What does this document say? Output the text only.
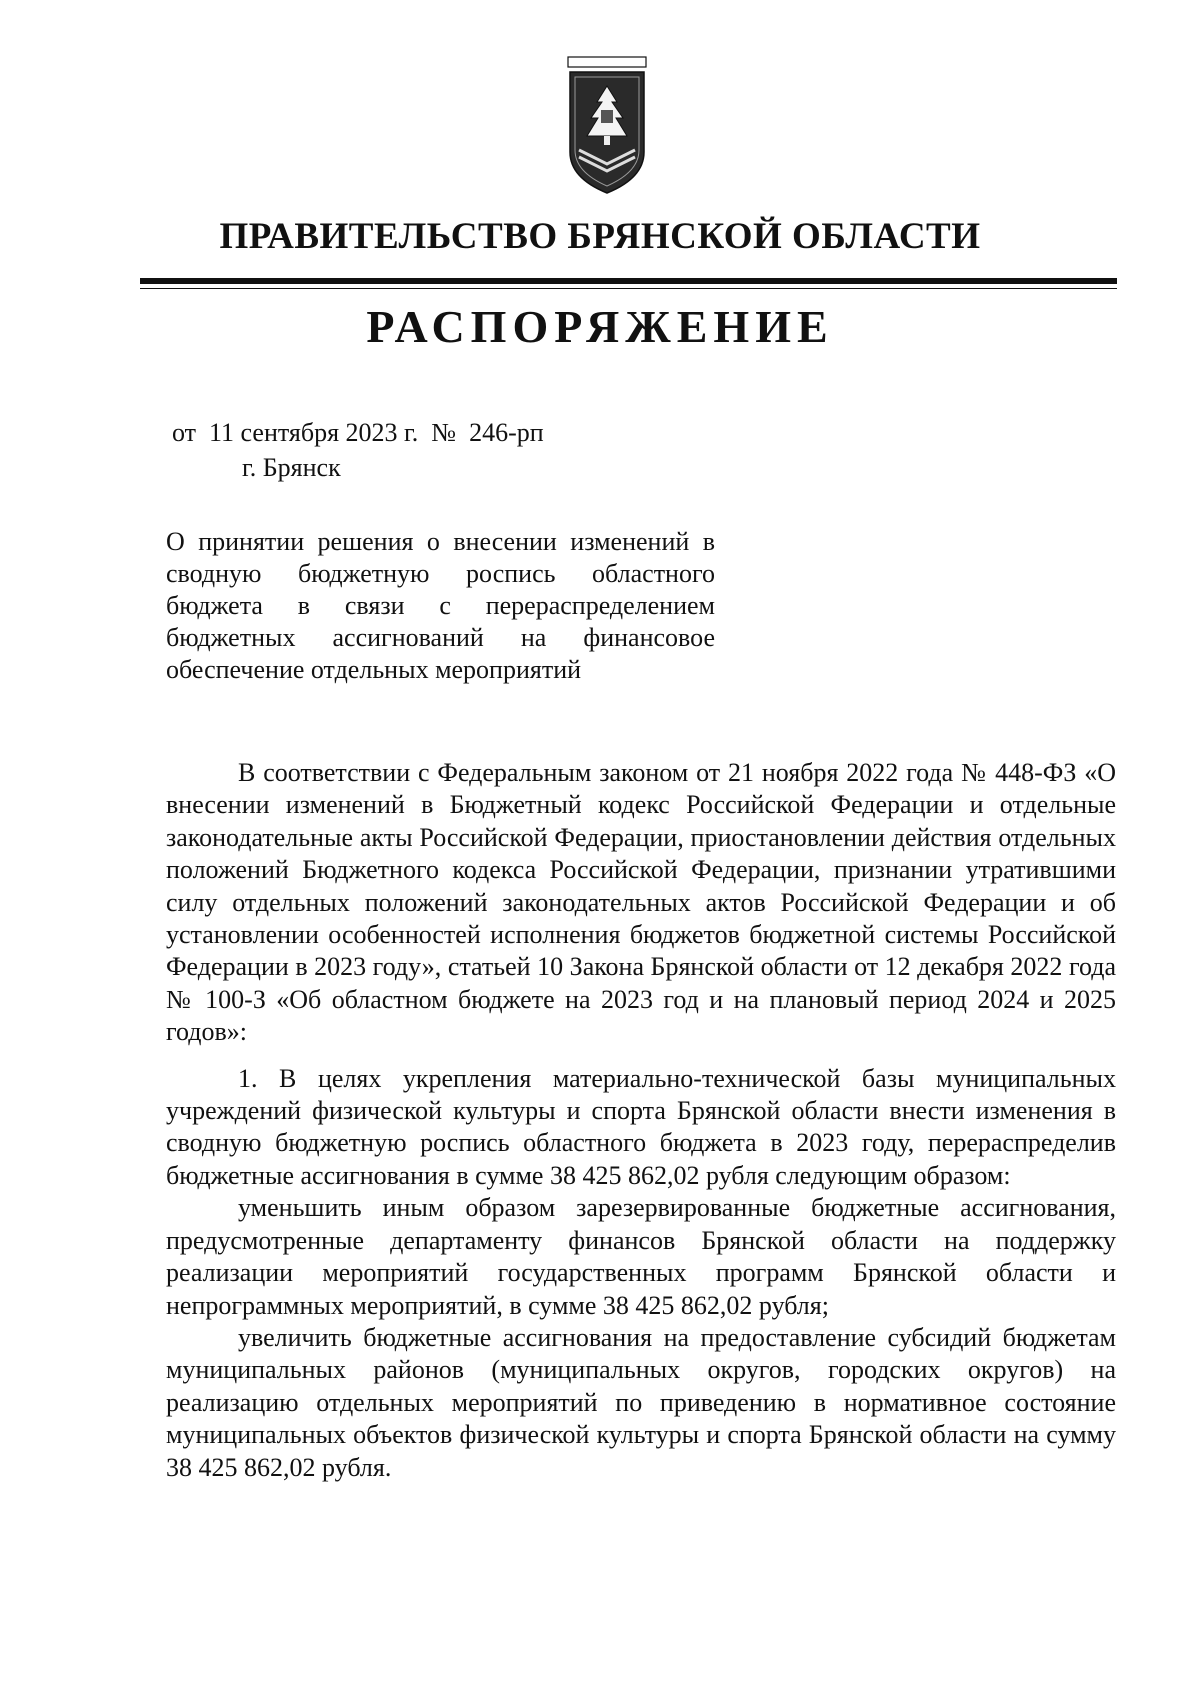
ПРАВИТЕЛЬСТВО БРЯНСКОЙ ОБЛАСТИ
РАСПОРЯЖЕНИЕ
от  11 сентября 2023 г.  №  246-рп
г. Брянск
О принятии решения о внесении изменений в сводную бюджетную роспись областного бюджета в связи с перераспределением бюджетных ассигнований на финансовое обеспечение отдельных мероприятий

В соответствии с Федеральным законом от 21 ноября 2022 года № 448-ФЗ «О внесении изменений в Бюджетный кодекс Российской Федерации и отдельные законодательные акты Российской Федерации, приостановлении действия отдельных положений Бюджетного кодекса Российской Федерации, признании утратившими силу отдельных положений законодательных актов Российской Федерации и об установлении особенностей исполнения бюджетов бюджетной системы Российской Федерации в 2023 году», статьей 10 Закона Брянской области от 12 декабря 2022 года № 100-З «Об областном бюджете на 2023 год и на плановый период 2024 и 2025 годов»:

1. В целях укрепления материально-технической базы муниципальных учреждений физической культуры и спорта Брянской области внести изменения в сводную бюджетную роспись областного бюджета в 2023 году, перераспределив бюджетные ассигнования в сумме 38 425 862,02 рубля следующим образом:

уменьшить иным образом зарезервированные бюджетные ассигнования, предусмотренные департаменту финансов Брянской области на поддержку реализации мероприятий государственных программ Брянской области и непрограммных мероприятий, в сумме 38 425 862,02 рубля;

увеличить бюджетные ассигнования на предоставление субсидий бюджетам муниципальных районов (муниципальных округов, городских округов) на реализацию отдельных мероприятий по приведению в нормативное состояние муниципальных объектов физической культуры и спорта Брянской области на сумму 38 425 862,02 рубля.
